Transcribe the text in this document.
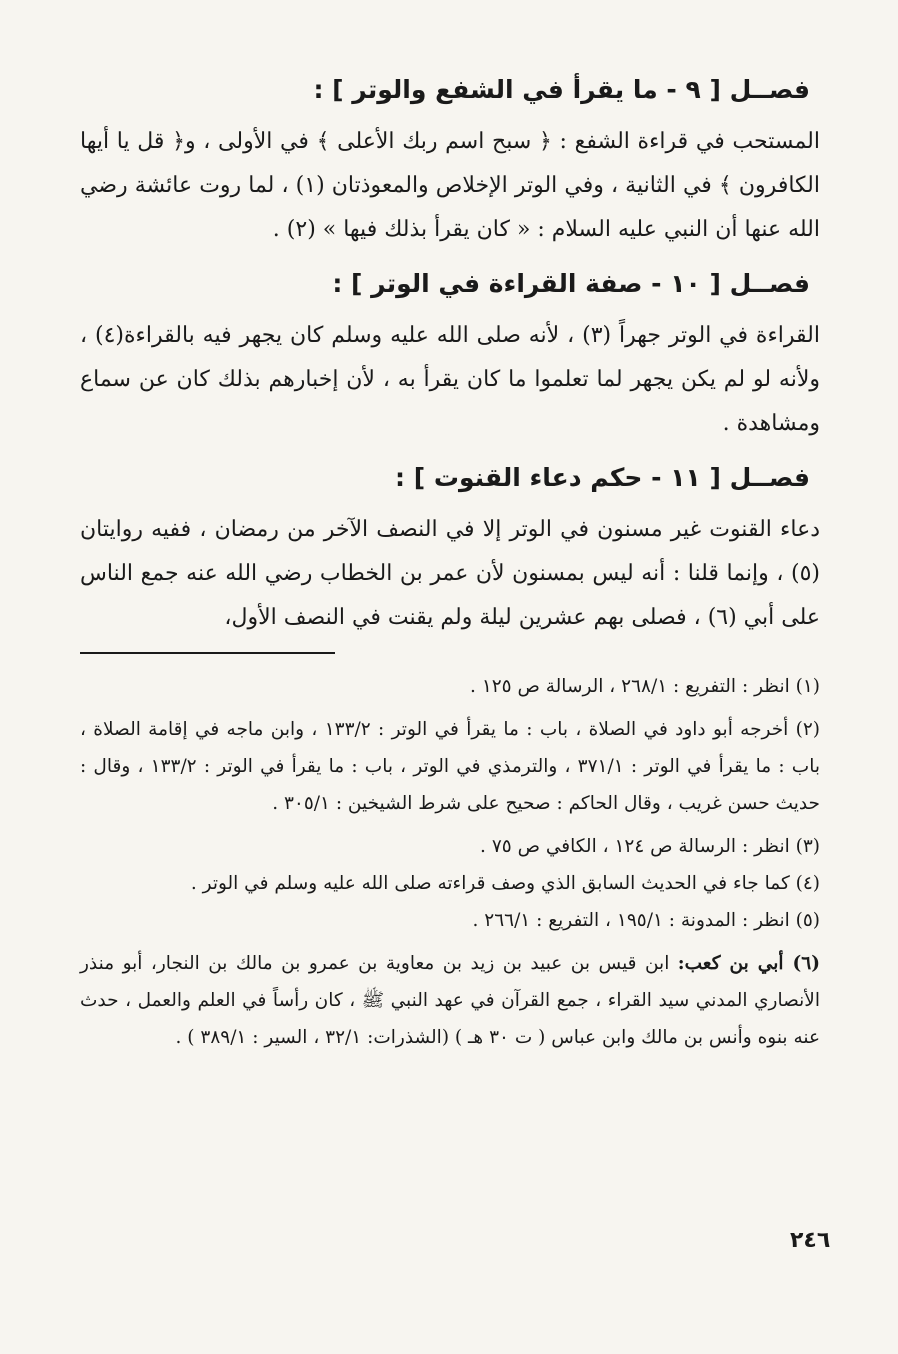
فصــل [ ٩ - ما يقرأ في الشفع والوتر ] :

المستحب في قراءة الشفع : ﴿ سبح اسم ربك الأعلى ﴾ في الأولى ، و﴿ قل يا أيها الكافرون ﴾ في الثانية ، وفي الوتر الإخلاص والمعوذتان (١) ، لما روت عائشة رضي الله عنها أن النبي عليه السلام : « كان يقرأ بذلك فيها » (٢) .

فصــل [ ١٠ - صفة القراءة في الوتر ] :

القراءة في الوتر جهراً (٣) ، لأنه صلى الله عليه وسلم كان يجهر فيه بالقراءة(٤) ، ولأنه لو لم يكن يجهر لما تعلموا ما كان يقرأ به ، لأن إخبارهم بذلك كان عن سماع ومشاهدة .

فصــل [ ١١ - حكم دعاء القنوت ] :

دعاء القنوت غير مسنون في الوتر إلا في النصف الآخر من رمضان ، ففيه روايتان (٥) ، وإنما قلنا : أنه ليس بمسنون لأن عمر بن الخطاب رضي الله عنه جمع الناس على أبي (٦) ، فصلى بهم عشرين ليلة ولم يقنت في النصف الأول،

(١) انظر : التفريع : ٢٦٨/١ ، الرسالة ص ١٢٥ .

(٢) أخرجه أبو داود في الصلاة ، باب : ما يقرأ في الوتر : ١٣٣/٢ ، وابن ماجه في إقامة الصلاة ، باب : ما يقرأ في الوتر : ٣٧١/١ ، والترمذي في الوتر ، باب : ما يقرأ في الوتر : ١٣٣/٢ ، وقال : حديث حسن غريب ، وقال الحاكم : صحيح على شرط الشيخين : ٣٠٥/١ .

(٣) انظر : الرسالة ص ١٢٤ ، الكافي ص ٧٥ .

(٤) كما جاء في الحديث السابق الذي وصف قراءته صلى الله عليه وسلم في الوتر .

(٥) انظر : المدونة : ١٩٥/١ ، التفريع : ٢٦٦/١ .

(٦) أبي بن كعب: ابن قيس بن عبيد بن زيد بن معاوية بن عمرو بن مالك بن النجار، أبو منذر الأنصاري المدني سيد القراء ، جمع القرآن في عهد النبي ﷺ ، كان رأساً في العلم والعمل ، حدث عنه بنوه وأنس بن مالك وابن عباس ( ت ٣٠ هـ ) (الشذرات: ٣٢/١ ، السير : ٣٨٩/١ ) .

٢٤٦
